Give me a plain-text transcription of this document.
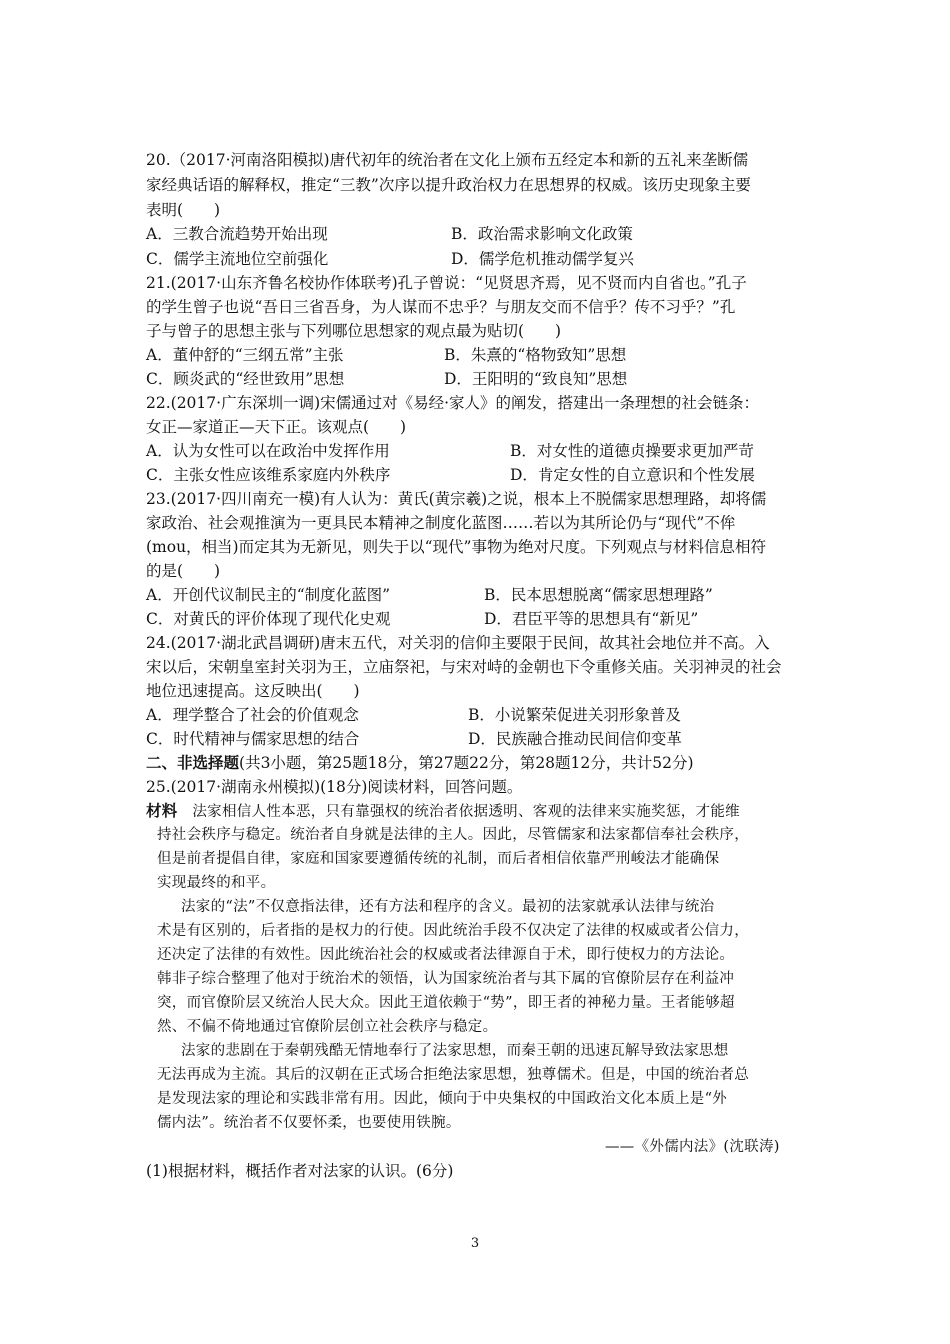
20.（2017·河南洛阳模拟)唐代初年的统治者在文化上颁布五经定本和新的五礼来垄断儒
家经典话语的解释权，推定“三教”次序以提升政治权力在思想界的权威。该历史现象主要
表明(　　)
A．三教合流趋势开始出现	B．政治需求影响文化政策
C．儒学主流地位空前强化	D．儒学危机推动儒学复兴
21.(2017·山东齐鲁名校协作体联考)孔子曾说：“见贤思齐焉，见不贤而内自省也。”孔子
的学生曾子也说“吾日三省吾身，为人谋而不忠乎？与朋友交而不信乎？传不习乎？”孔
子与曾子的思想主张与下列哪位思想家的观点最为贴切(　　)
A．董仲舒的“三纲五常”主张	B．朱熹的“格物致知”思想
C．顾炎武的“经世致用”思想	D．王阳明的“致良知”思想
22.(2017·广东深圳一调)宋儒通过对《易经·家人》的阐发，搭建出一条理想的社会链条：
女正—家道正—天下正。该观点(　　)
A．认为女性可以在政治中发挥作用	B．对女性的道德贞操要求更加严苛
C．主张女性应该维系家庭内外秩序	D．肯定女性的自立意识和个性发展
23.(2017·四川南充一模)有人认为：黄氏(黄宗羲)之说，根本上不脱儒家思想理路，却将儒
家政治、社会观推演为一更具民本精神之制度化蓝图……若以为其所论仍与“现代”不侔
(mou，相当)而定其为无新见，则失于以“现代”事物为绝对尺度。下列观点与材料信息相符
的是(　　)
A．开创代议制民主的“制度化蓝图”	B．民本思想脱离“儒家思想理路”
C．对黄氏的评价体现了现代化史观	D．君臣平等的思想具有“新见”
24.(2017·湖北武昌调研)唐末五代，对关羽的信仰主要限于民间，故其社会地位并不高。入
宋以后，宋朝皇室封关羽为王，立庙祭祀，与宋对峙的金朝也下令重修关庙。关羽神灵的社会
地位迅速提高。这反映出(　　)
A．理学整合了社会的价值观念	B．小说繁荣促进关羽形象普及
C．时代精神与儒家思想的结合	D．民族融合推动民间信仰变革
二、非选择题(共3小题，第25题18分，第27题22分，第28题12分，共计52分)
25.(2017·湖南永州模拟)(18分)阅读材料，回答问题。
材料 法家相信人性本恶，只有靠强权的统治者依据透明、客观的法律来实施奖惩，才能维
持社会秩序与稳定。统治者自身就是法律的主人。因此，尽管儒家和法家都信奉社会秩序，
但是前者提倡自律，家庭和国家要遵循传统的礼制，而后者相信依靠严刑峻法才能确保
实现最终的和平。
法家的“法”不仅意指法律，还有方法和程序的含义。最初的法家就承认法律与统治
术是有区别的，后者指的是权力的行使。因此统治手段不仅决定了法律的权威或者公信力，
还决定了法律的有效性。因此统治社会的权威或者法律源自于术，即行使权力的方法论。
韩非子综合整理了他对于统治术的领悟，认为国家统治者与其下属的官僚阶层存在利益冲
突，而官僚阶层又统治人民大众。因此王道依赖于“势”，即王者的神秘力量。王者能够超
然、不偏不倚地通过官僚阶层创立社会秩序与稳定。
法家的悲剧在于秦朝残酷无情地奉行了法家思想，而秦王朝的迅速瓦解导致法家思想
无法再成为主流。其后的汉朝在正式场合拒绝法家思想，独尊儒术。但是，中国的统治者总
是发现法家的理论和实践非常有用。因此，倾向于中央集权的中国政治文化本质上是“外
儒内法”。统治者不仅要怀柔，也要使用铁腕。
——《外儒内法》(沈联涛)
(1)根据材料，概括作者对法家的认识。(6分)
3
